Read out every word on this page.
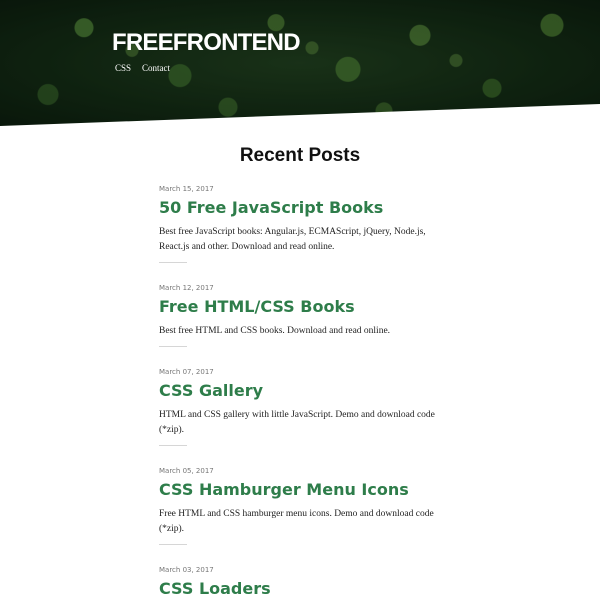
FREEFRONTEND
CSS Contact
Recent Posts
March 15, 2017
50 Free JavaScript Books

Best free JavaScript books: Angular.js, ECMAScript, jQuery, Node.js, React.js and other. Download and read online.

March 12, 2017
Free HTML/CSS Books

Best free HTML and CSS books. Download and read online.

March 07, 2017
CSS Gallery

HTML and CSS gallery with little JavaScript. Demo and download code (*zip).

March 05, 2017
CSS Hamburger Menu Icons

Free HTML and CSS hamburger menu icons. Demo and download code (*zip).

March 03, 2017
CSS Loaders
